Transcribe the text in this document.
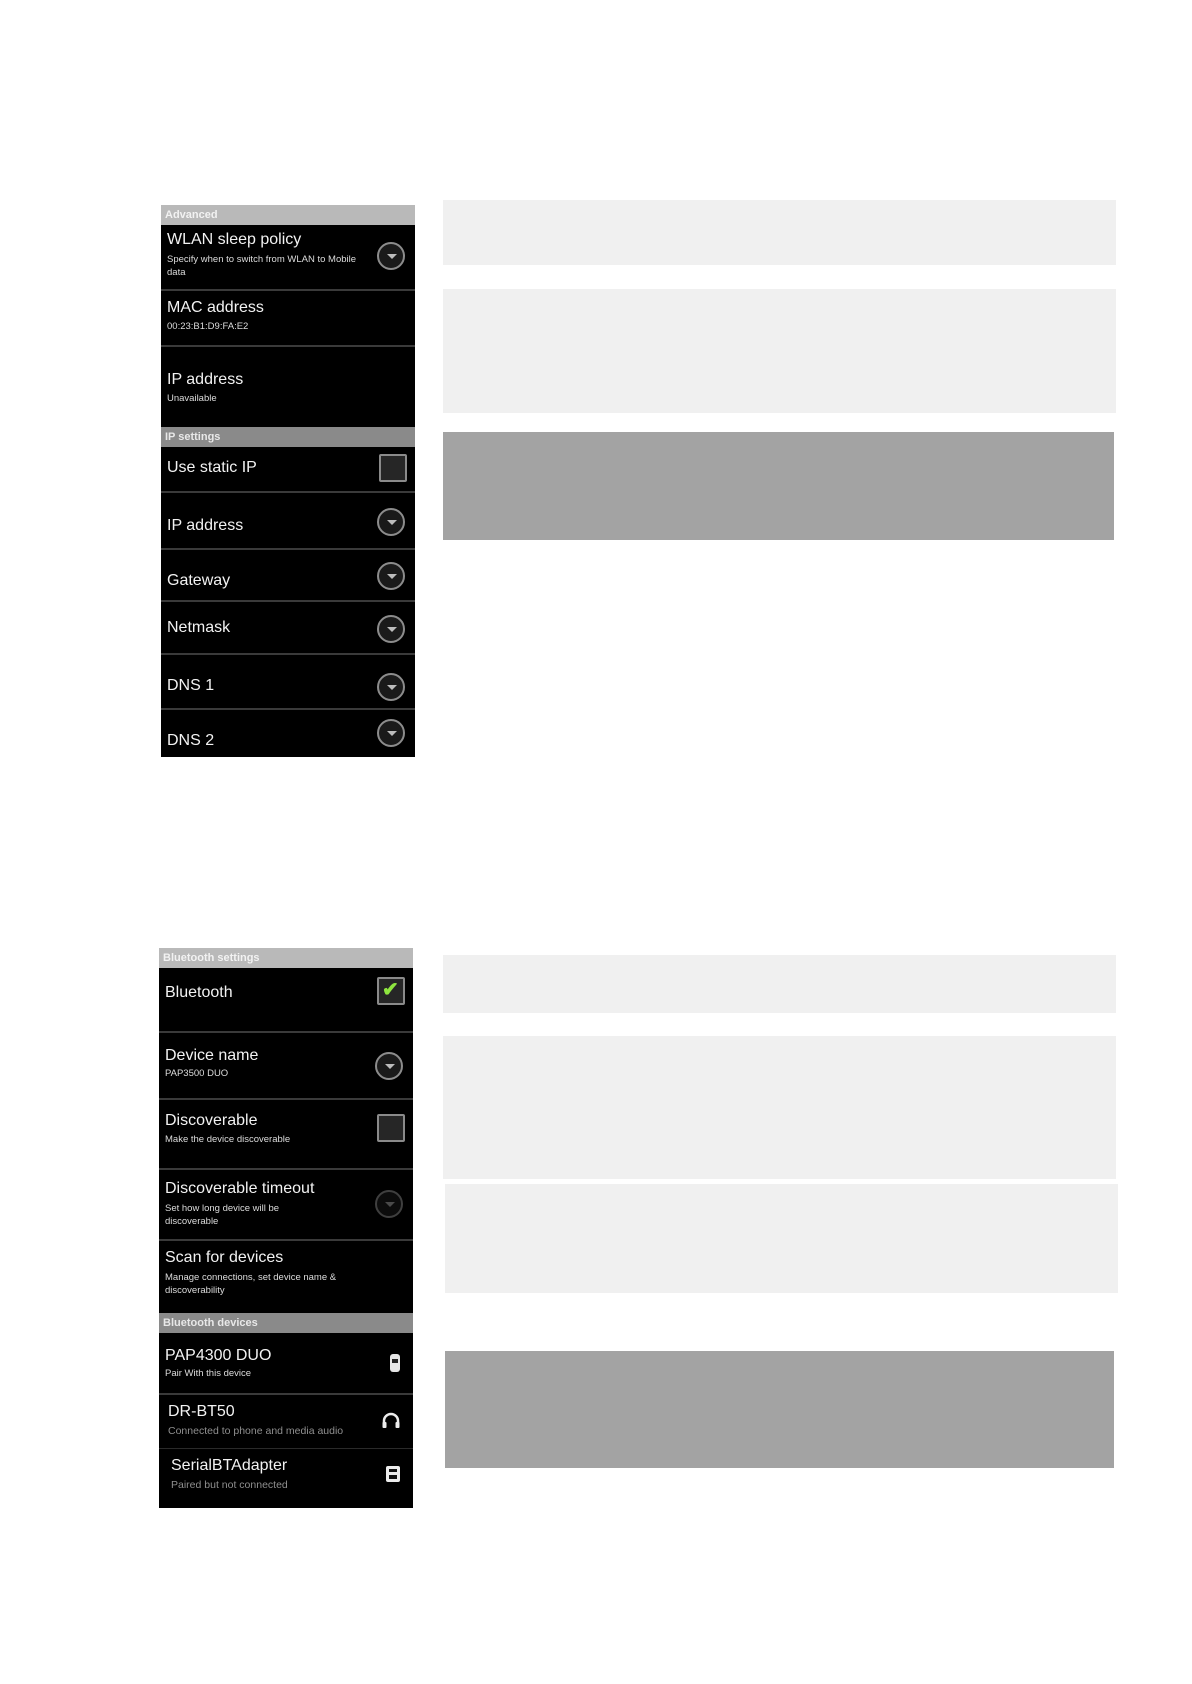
Advanced
WLAN sleep policy
Specify when to switch from WLAN to Mobile data
MAC address
00:23:B1:D9:FA:E2
IP address
Unavailable
IP settings
Use static IP
IP address
Gateway
Netmask
DNS 1
DNS 2
Bluetooth settings
Bluetooth	✔
Device name
PAP3500 DUO
Discoverable
Make the device discoverable
Discoverable timeout
Set how long device will be discoverable
Scan for devices
Manage connections, set device name & discoverability
Bluetooth devices
PAP4300 DUO
Pair With this device
DR-BT50
Connected to phone and media audio
SerialBTAdapter
Paired but not connected
